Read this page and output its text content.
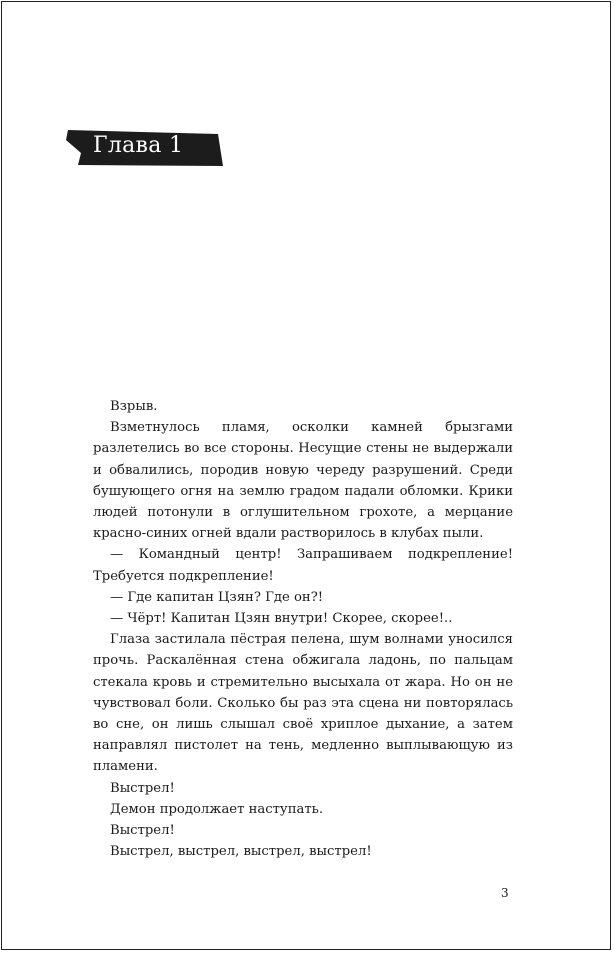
Глава 1

Взрыв.

Взметнулось пламя, осколки камней брызгами разлетелись во все стороны. Несущие стены не выдержали и обвалились, породив новую череду разрушений. Среди бушующего огня на землю градом падали обломки. Крики людей потонули в оглушительном грохоте, а мерцание красно-синих огней вдали растворилось в клубах пыли.

— Командный центр! Запрашиваем подкрепление! Требуется подкрепление!

— Где капитан Цзян? Где он?!

— Чёрт! Капитан Цзян внутри! Скорее, скорее!..

Глаза застилала пёстрая пелена, шум волнами уносился прочь. Раскалённая стена обжигала ладонь, по пальцам стекала кровь и стремительно высыхала от жара. Но он не чувствовал боли. Сколько бы раз эта сцена ни повторялась во сне, он лишь слышал своё хриплое дыхание, а затем направлял пистолет на тень, медленно выплывающую из пламени.

Выстрел!

Демон продолжает наступать.

Выстрел!

Выстрел, выстрел, выстрел, выстрел!

3
